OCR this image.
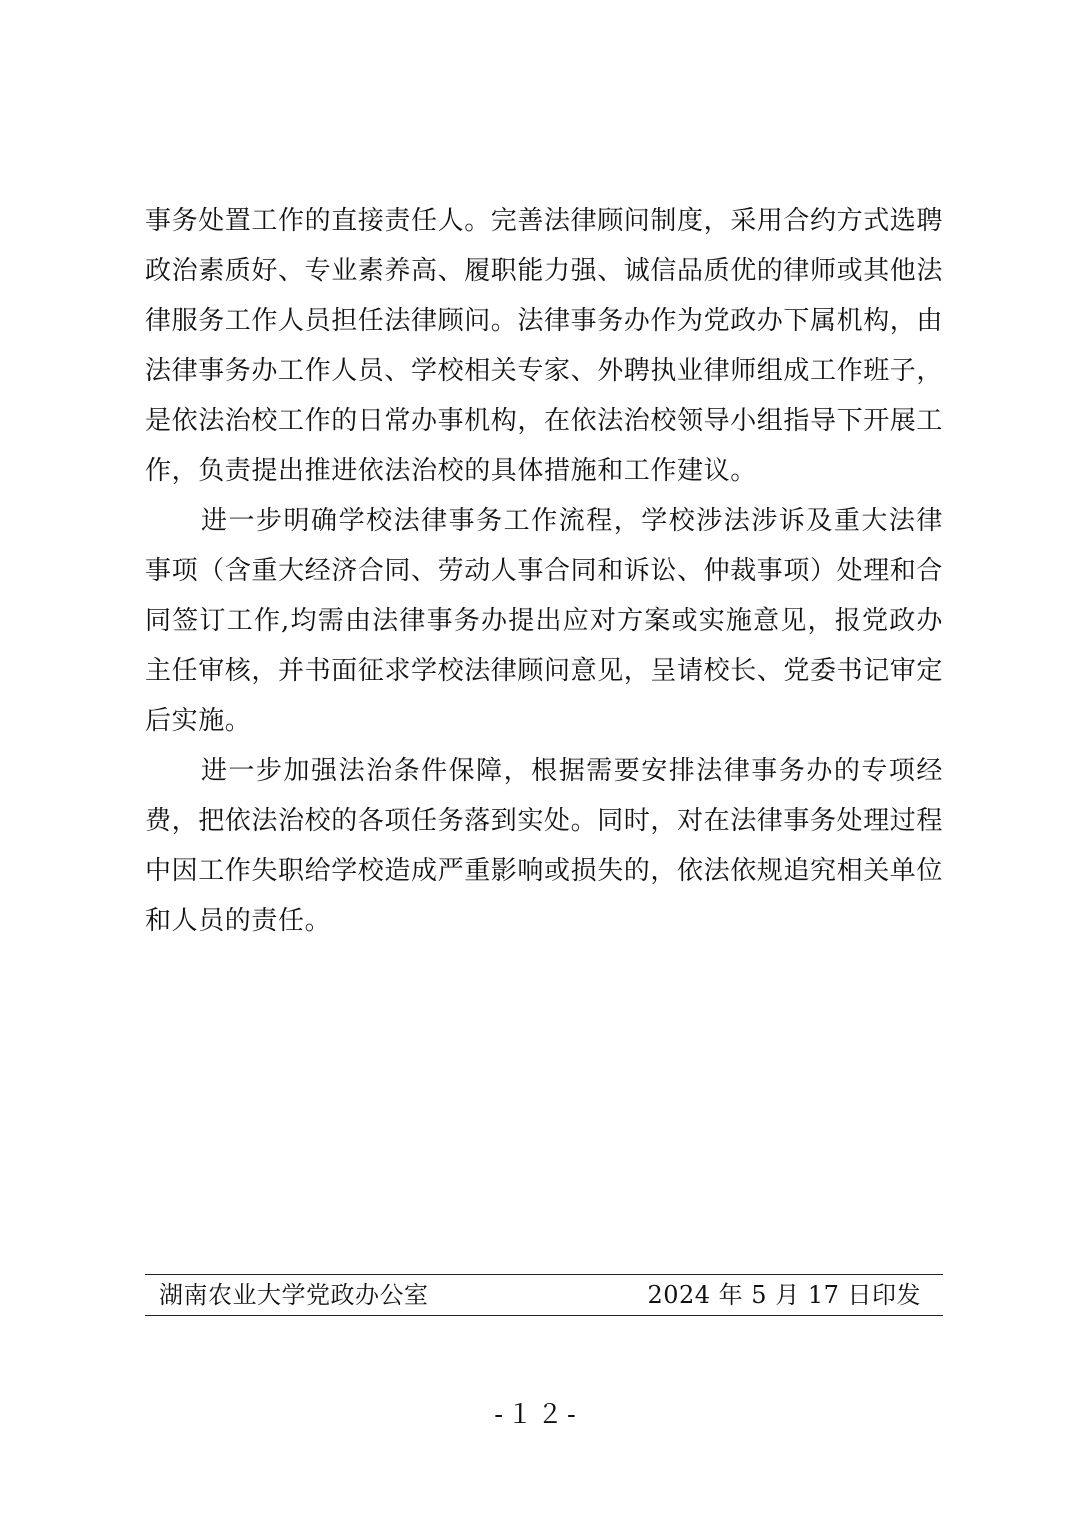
事务处置工作的直接责任人。完善法律顾问制度，采用合约方式选聘政治素质好、专业素养高、履职能力强、诚信品质优的律师或其他法律服务工作人员担任法律顾问。法律事务办作为党政办下属机构，由法律事务办工作人员、学校相关专家、外聘执业律师组成工作班子，是依法治校工作的日常办事机构，在依法治校领导小组指导下开展工作，负责提出推进依法治校的具体措施和工作建议。

进一步明确学校法律事务工作流程，学校涉法涉诉及重大法律事项（含重大经济合同、劳动人事合同和诉讼、仲裁事项）处理和合同签订工作,均需由法律事务办提出应对方案或实施意见，报党政办主任审核，并书面征求学校法律顾问意见，呈请校长、党委书记审定后实施。

进一步加强法治条件保障，根据需要安排法律事务办的专项经费，把依法治校的各项任务落到实处。同时，对在法律事务处理过程中因工作失职给学校造成严重影响或损失的，依法依规追究相关单位和人员的责任。

湖南农业大学党政办公室	2024 年 5 月 17 日印发
-１２-
